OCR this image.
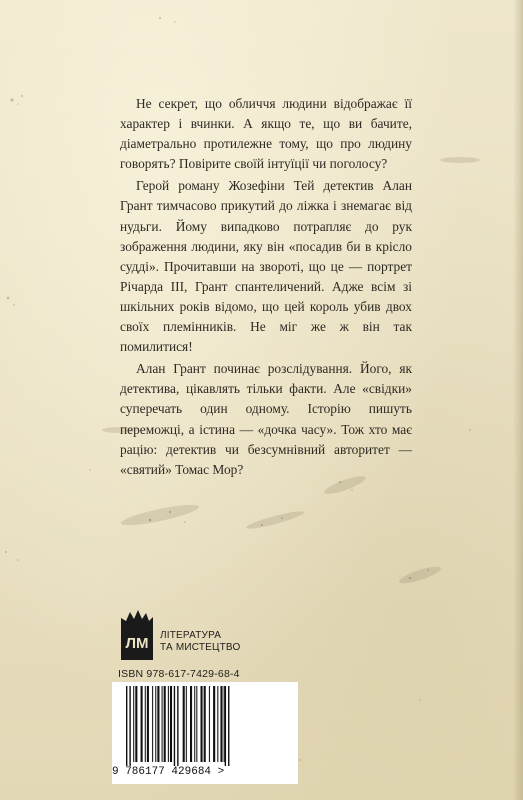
Не секрет, що обличчя людини відображає її характер і вчинки. А якщо те, що ви бачите, діаметрально протилежне тому, що про людину говорять? Повірите своїй інтуїції чи поголосу?

Герой роману Жозефіни Тей детектив Алан Грант тимчасово прикутий до ліжка і знемагає від нудьги. Йому випадково потрапляє до рук зображення людини, яку він «посадив би в крісло судді». Прочитавши на звороті, що це — портрет Річарда III, Грант спантеличений. Адже всім зі шкільних років відомо, що цей король убив двох своїх племінників. Не міг же ж він так помилитися!

Алан Грант починає розслідування. Його, як детектива, цікавлять тільки факти. Але «свідки» суперечать один одному. Історію пишуть переможці, а істина — «дочка часу». Тож хто має рацію: детектив чи безсумнівний авторитет — «святий» Томас Мор?

ЛМ ЛІТЕРАТУРА
ТА МИСТЕЦТВО
ISBN 978-617-7429-68-4
9 786177 429684 >
